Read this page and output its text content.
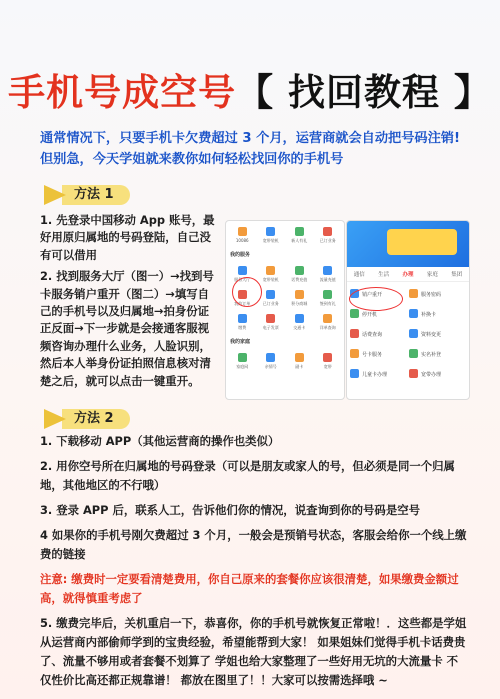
手机号成空号【 找回教程 】
通常情况下，只要手机卡欠费超过 3 个月，运营商就会自动把号码注销! 但别急，今天学姐就来教你如何轻松找回你的手机号
方法 1

1. 先登录中国移动 App 账号，最好用原归属地的号码登陆，自己没有可以借用

2. 找到服务大厅（图一）→找到号卡服务销户重开（图二）→填写自己的手机号以及归属地→拍身份证正反面→下一步就是会接通客服视频咨询办理什么业务，人脸识别，然后本人举身份证拍照信息核对清楚之后，就可以点击一键重开。

10086	宽带装机	新人有礼	已订业务
我的服务
服务大厅	宽带装机	话费充值	流量充值
我的订单	已订业务	积分商城	签到有礼
缴费	电子发票	交通卡	详单查询
我的家庭
家庭网	亲情号	副卡	宽带
通信 生活 办理 家庭 集团
销户重开	服务密码
停开机	补换卡
话费查询	资料变更
号卡服务	实名补登
儿童卡办理	宽带办理
方法 2

1. 下载移动 APP（其他运营商的操作也类似）

2. 用你空号所在归属地的号码登录（可以是朋友或家人的号，但必须是同一个归属地，其他地区的不行哦）

3. 登录 APP 后，联系人工，告诉他们你的情况，说查询到你的号码是空号

4 如果你的手机号刚欠费超过 3 个月，一般会是预销号状态，客服会给你一个线上缴费的链接

注意: 缴费时一定要看清楚费用，你自己原来的套餐你应该很清楚，如果缴费金额过高，就得慎重考虑了

5. 缴费完毕后，关机重启一下，恭喜你，你的手机号就恢复正常啦！．这些都是学姐从运营商内部偷师学到的宝贵经验，希望能帮到大家！ 如果姐妹们觉得手机卡话费贵了、流量不够用或者套餐不划算了 学姐也给大家整理了一些好用无坑的大流量卡 不仅性价比高还都正规靠谱！ 都放在图里了！！大家可以按需选择哦 ~
